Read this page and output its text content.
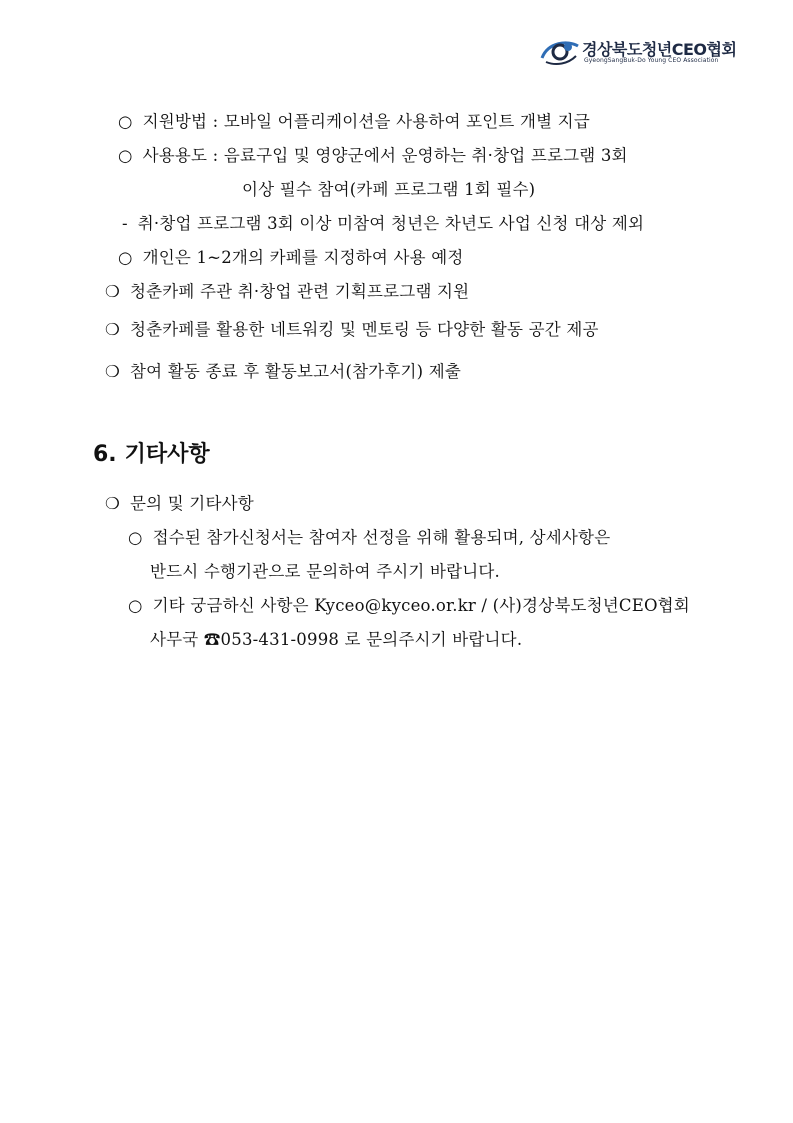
경상북도청년CEO협회
GyeongSangBuk-Do Young CEO Association
○ 지원방법 : 모바일 어플리케이션을 사용하여 포인트 개별 지급
○ 사용용도 : 음료구입 및 영양군에서 운영하는 취·창업 프로그램 3회
이상 필수 참여(카페 프로그램 1회 필수)
- 취·창업 프로그램 3회 이상 미참여 청년은 차년도 사업 신청 대상 제외
○ 개인은 1~2개의 카페를 지정하여 사용 예정
❍ 청춘카페 주관 취·창업 관련 기획프로그램 지원
❍ 청춘카페를 활용한 네트워킹 및 멘토링 등 다양한 활동 공간 제공
❍ 참여 활동 종료 후 활동보고서(참가후기) 제출
6. 기타사항
❍ 문의 및 기타사항
○ 접수된 참가신청서는 참여자 선정을 위해 활용되며, 상세사항은
반드시 수행기관으로 문의하여 주시기 바랍니다.
○ 기타 궁금하신 사항은 Kyceo@kyceo.or.kr / (사)경상북도청년CEO협회
사무국 ☎053-431-0998 로 문의주시기 바랍니다.
